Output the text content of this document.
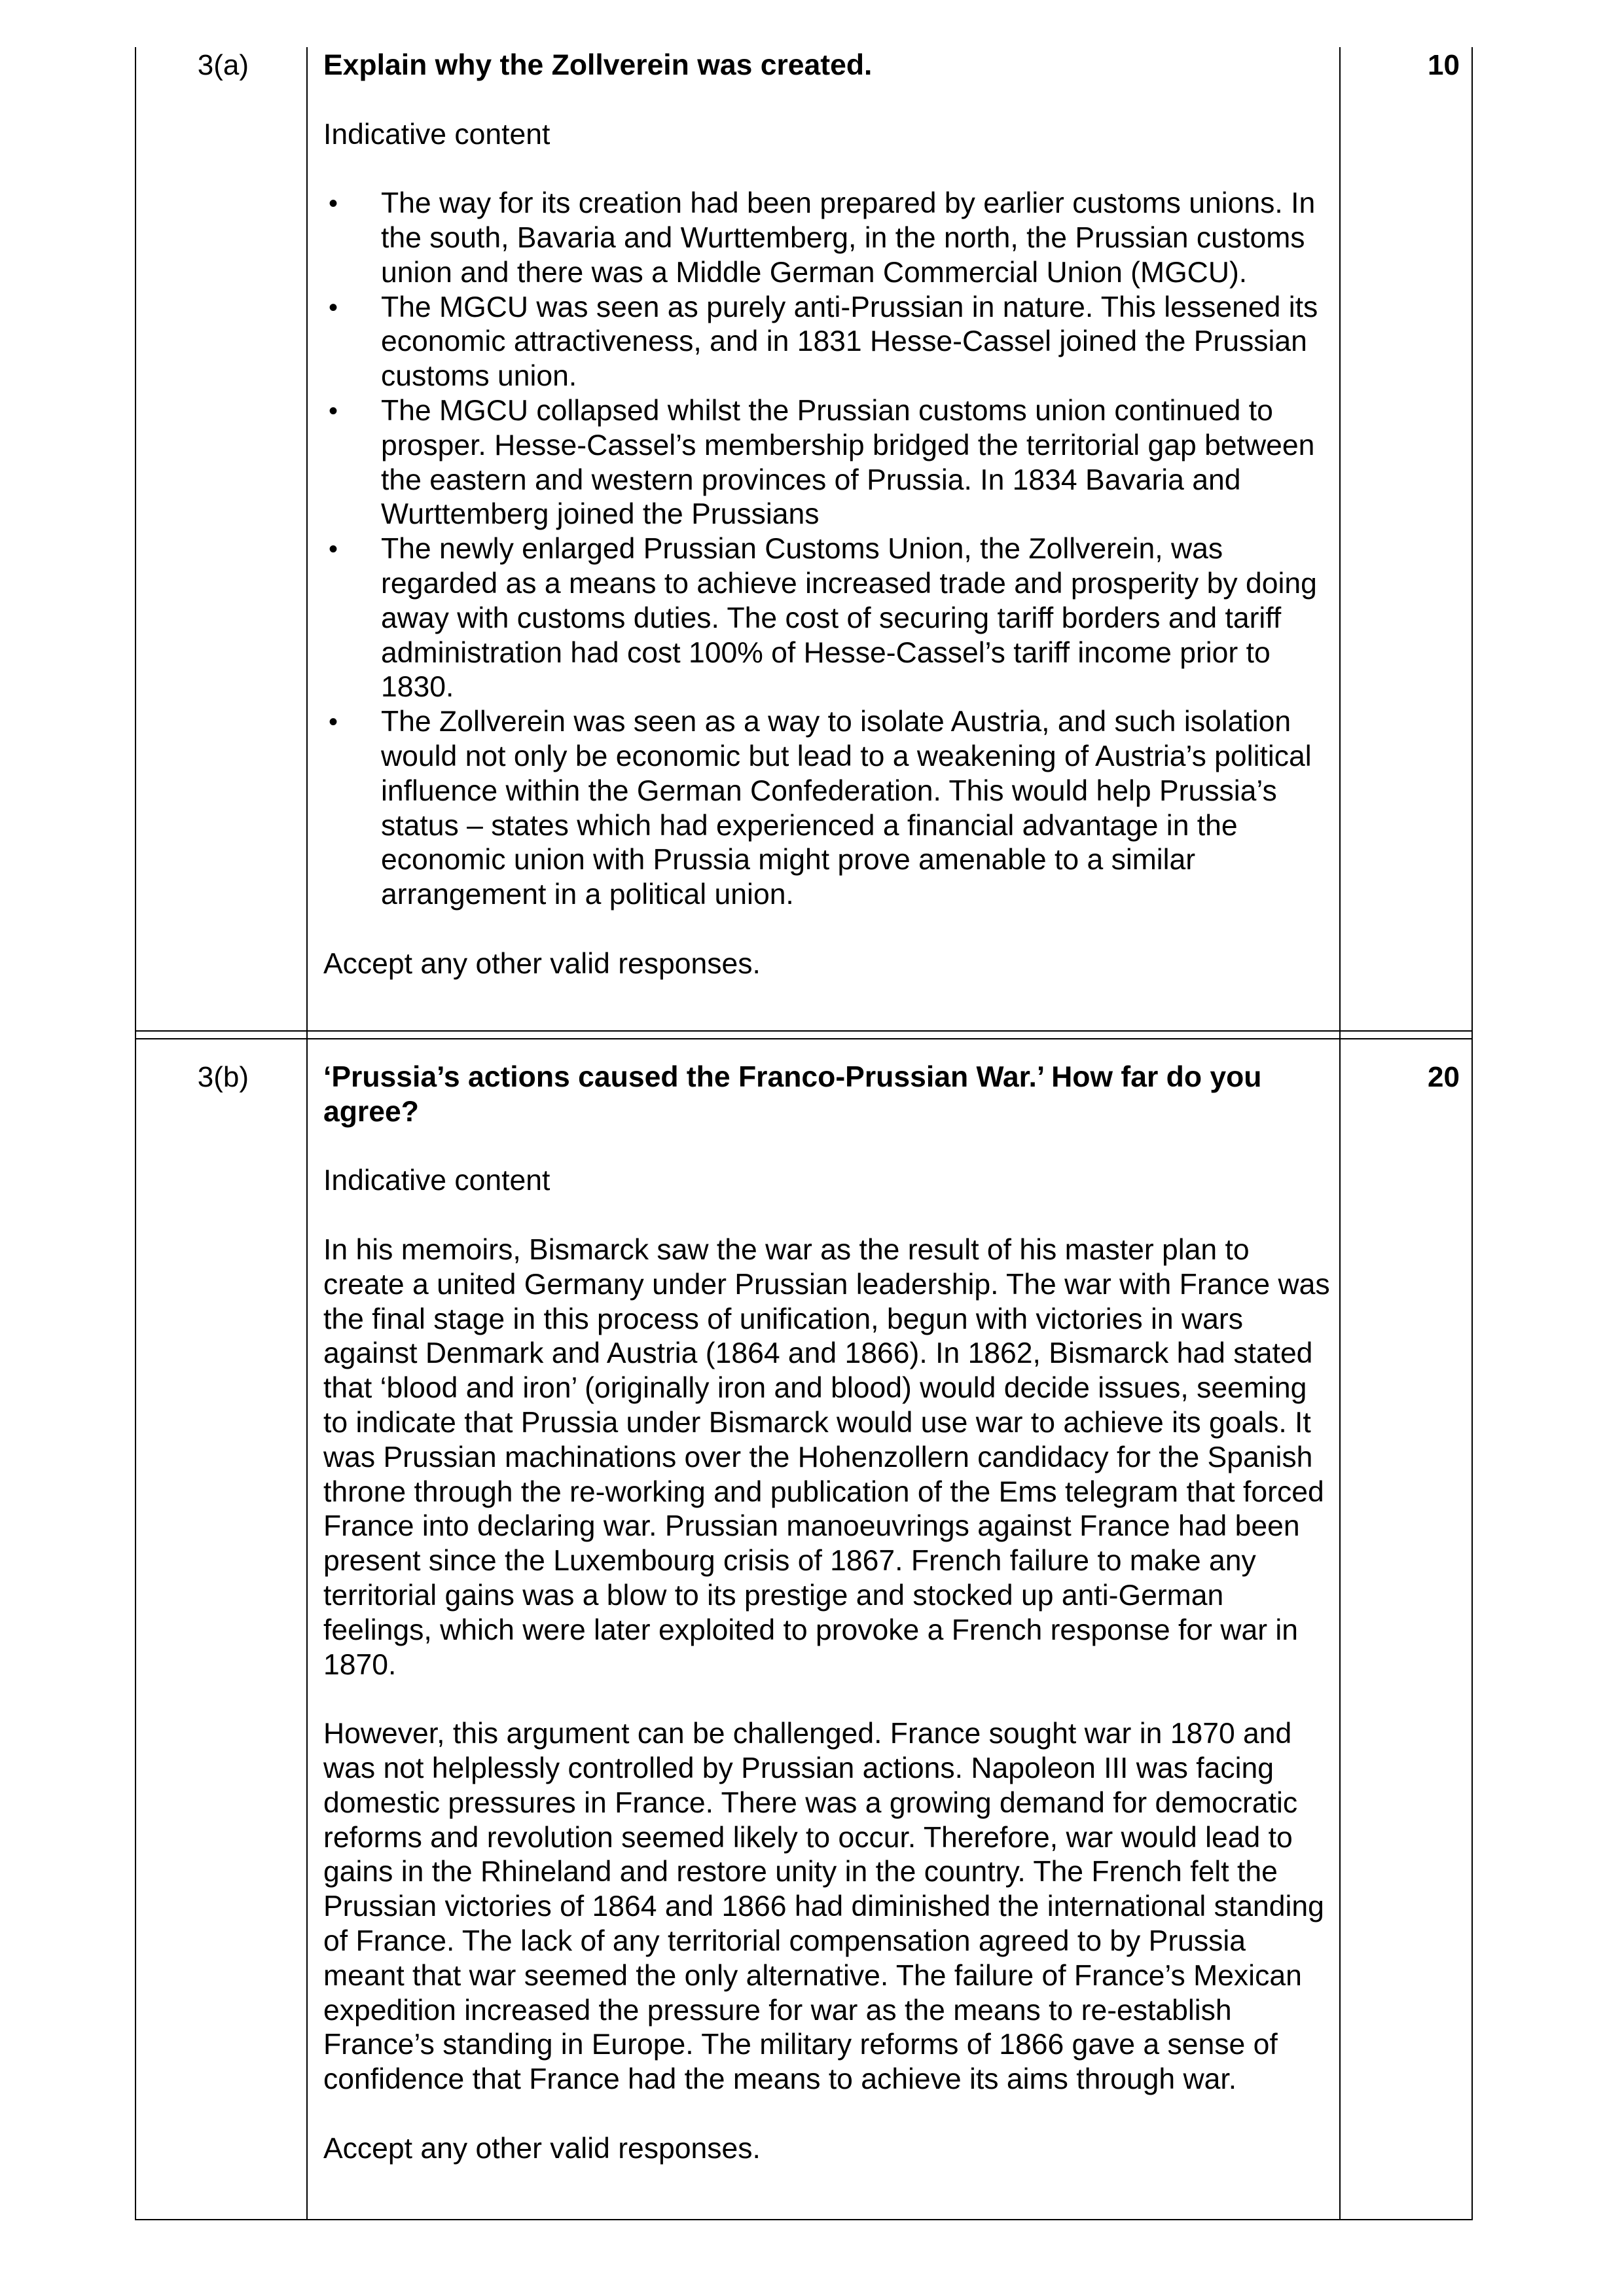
3(a)	10

Explain why the Zollverein was created.

Indicative content

• The way for its creation had been prepared by earlier customs unions. In the south, Bavaria and Wurttemberg, in the north, the Prussian customs union and there was a Middle German Commercial Union (MGCU).
• The MGCU was seen as purely anti-Prussian in nature. This lessened its economic attractiveness, and in 1831 Hesse-Cassel joined the Prussian customs union.
• The MGCU collapsed whilst the Prussian customs union continued to prosper. Hesse-Cassel’s membership bridged the territorial gap between the eastern and western provinces of Prussia. In 1834 Bavaria and Wurttemberg joined the Prussians
• The newly enlarged Prussian Customs Union, the Zollverein, was regarded as a means to achieve increased trade and prosperity by doing away with customs duties. The cost of securing tariff borders and tariff administration had cost 100% of Hesse-Cassel’s tariff income prior to 1830.
• The Zollverein was seen as a way to isolate Austria, and such isolation would not only be economic but lead to a weakening of Austria’s political influence within the German Confederation. This would help Prussia’s status – states which had experienced a financial advantage in the economic union with Prussia might prove amenable to a similar arrangement in a political union.

Accept any other valid responses.

3(b)	20

‘Prussia’s actions caused the Franco-Prussian War.’ How far do you agree?

Indicative content

In his memoirs, Bismarck saw the war as the result of his master plan to create a united Germany under Prussian leadership. The war with France was the final stage in this process of unification, begun with victories in wars against Denmark and Austria (1864 and 1866). In 1862, Bismarck had stated that ‘blood and iron’ (originally iron and blood) would decide issues, seeming to indicate that Prussia under Bismarck would use war to achieve its goals. It was Prussian machinations over the Hohenzollern candidacy for the Spanish throne through the re-working and publication of the Ems telegram that forced France into declaring war. Prussian manoeuvrings against France had been present since the Luxembourg crisis of 1867. French failure to make any territorial gains was a blow to its prestige and stocked up anti-German feelings, which were later exploited to provoke a French response for war in 1870.

However, this argument can be challenged. France sought war in 1870 and was not helplessly controlled by Prussian actions. Napoleon III was facing domestic pressures in France. There was a growing demand for democratic reforms and revolution seemed likely to occur. Therefore, war would lead to gains in the Rhineland and restore unity in the country. The French felt the Prussian victories of 1864 and 1866 had diminished the international standing of France. The lack of any territorial compensation agreed to by Prussia meant that war seemed the only alternative. The failure of France’s Mexican expedition increased the pressure for war as the means to re-establish France’s standing in Europe. The military reforms of 1866 gave a sense of confidence that France had the means to achieve its aims through war.

Accept any other valid responses.
